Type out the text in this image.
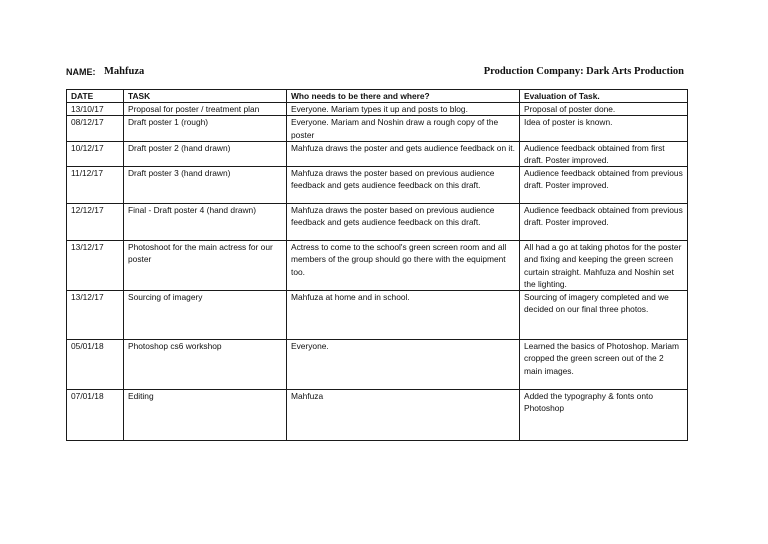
NAME: Mahfuza	Production Company: Dark Arts Production
DATE	TASK	Who needs to be there and where?	Evaluation of Task.
13/10/17	Proposal for poster / treatment plan	Everyone. Mariam types it up and posts to blog.	Proposal of poster done.
08/12/17	Draft poster 1 (rough)	Everyone. Mariam and Noshin draw a rough copy of the poster	Idea of poster is known.
10/12/17	Draft poster 2 (hand drawn)	Mahfuza draws the poster and gets audience feedback on it.	Audience feedback obtained from first draft. Poster improved.
11/12/17	Draft poster 3 (hand drawn)	Mahfuza draws the poster based on previous audience feedback and gets audience feedback on this draft.	Audience feedback obtained from previous draft. Poster improved.
12/12/17	Final - Draft poster 4 (hand drawn)	Mahfuza draws the poster based on previous audience feedback and gets audience feedback on this draft.	Audience feedback obtained from previous draft. Poster improved.
13/12/17	Photoshoot for the main actress for our poster	Actress to come to the school's green screen room and all members of the group should go there with the equipment too.	All had a go at taking photos for the poster and fixing and keeping the green screen curtain straight. Mahfuza and Noshin set the lighting.
13/12/17	Sourcing of imagery	Mahfuza at home and in school.	Sourcing of imagery completed and we decided on our final three photos.
05/01/18	Photoshop cs6 workshop	Everyone.	Learned the basics of Photoshop. Mariam cropped the green screen out of the 2 main images.
07/01/18	Editing	Mahfuza	Added the typography & fonts onto Photoshop
